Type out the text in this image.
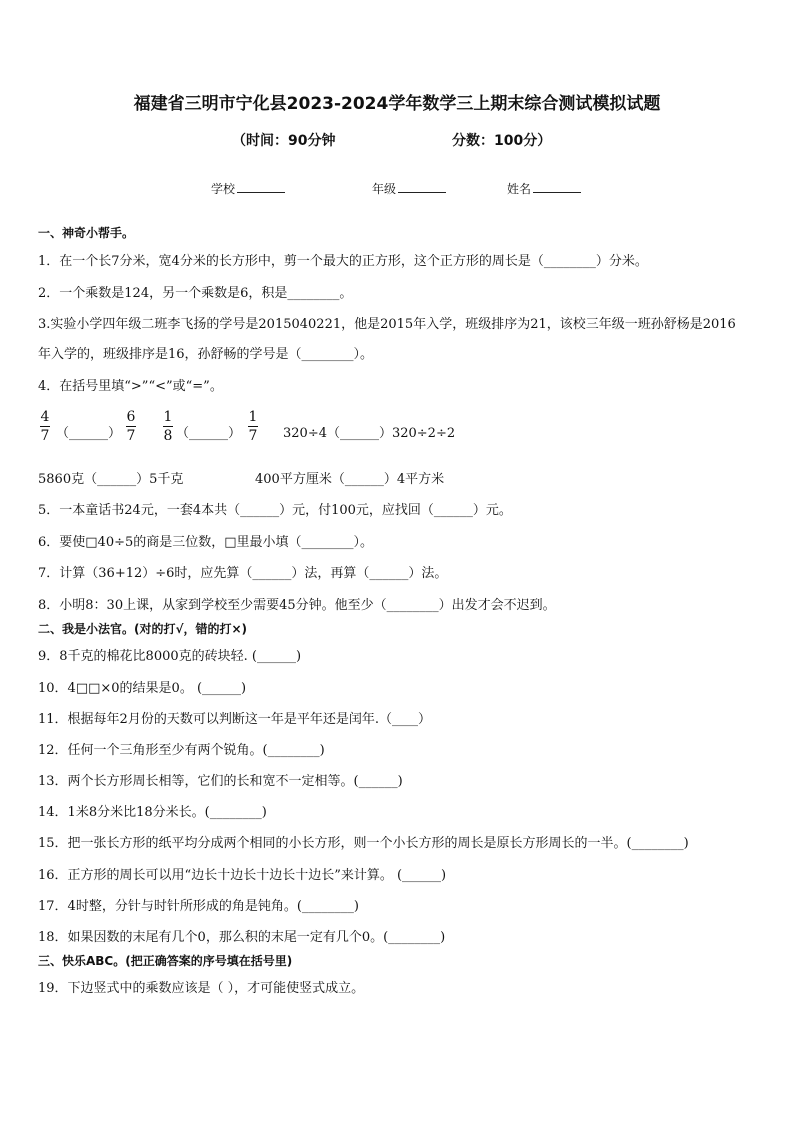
福建省三明市宁化县2023-2024学年数学三上期末综合测试模拟试题
（时间：90分钟	分数：100分）
学校	年级	姓名
一、神奇小帮手。
1．在一个长7分米，宽4分米的长方形中，剪一个最大的正方形，这个正方形的周长是（________）分米。
2．一个乘数是124，另一个乘数是6，积是________。
3.实验小学四年级二班李飞扬的学号是2015040221，他是2015年入学，班级排序为21，该校三年级一班孙舒杨是2016
年入学的，班级排序是16，孙舒畅的学号是（________）。
4．在括号里填“>”“<”或“=”。
4
7 （______）
6
7
1
8 （______）
1
7 320÷4（______）320÷2÷2
5860克（______）5千克	400平方厘米（______）4平方米
5．一本童话书24元，一套4本共（______）元，付100元，应找回（______）元。
6．要使□40÷5的商是三位数，□里最小填（________）。
7．计算（36+12）÷6时，应先算（______）法，再算（______）法。
8．小明8：30上课，从家到学校至少需要45分钟。他至少（________）出发才会不迟到。
二、我是小法官。(对的打√，错的打×)
9．8千克的棉花比8000克的砖块轻. (______)
10．4□□×0的结果是0。 (______)
11．根据每年2月份的天数可以判断这一年是平年还是闰年.（____）
12．任何一个三角形至少有两个锐角。(________)
13．两个长方形周长相等，它们的长和宽不一定相等。(______)
14．1米8分米比18分米长。(________)
15．把一张长方形的纸平均分成两个相同的小长方形，则一个小长方形的周长是原长方形周长的一半。(________)
16．正方形的周长可以用“边长十边长十边长十边长”来计算。 (______)
17．4时整，分针与时针所形成的角是钝角。(________)
18．如果因数的末尾有几个0，那么积的末尾一定有几个0。(________)
三、快乐ABC。(把正确答案的序号填在括号里)
19．下边竖式中的乘数应该是（ ），才可能使竖式成立。
